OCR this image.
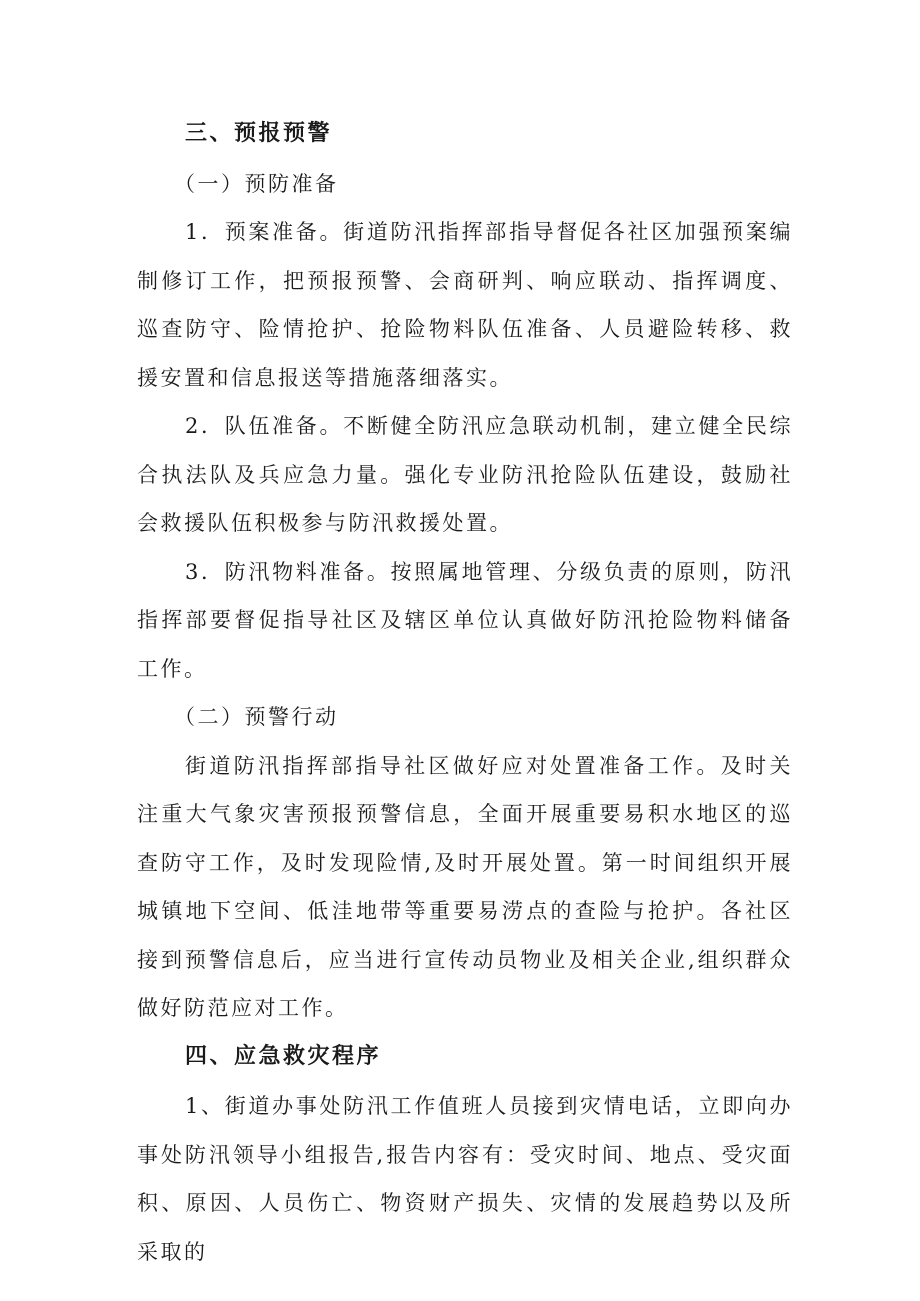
三、预报预警

（一）预防准备

1．预案准备。街道防汛指挥部指导督促各社区加强预案编制修订工作，把预报预警、会商研判、响应联动、指挥调度、巡查防守、险情抢护、抢险物料队伍准备、人员避险转移、救援安置和信息报送等措施落细落实。

2．队伍准备。不断健全防汛应急联动机制，建立健全民综合执法队及兵应急力量。强化专业防汛抢险队伍建设，鼓励社会救援队伍积极参与防汛救援处置。

3．防汛物料准备。按照属地管理、分级负责的原则，防汛指挥部要督促指导社区及辖区单位认真做好防汛抢险物料储备工作。

（二）预警行动

街道防汛指挥部指导社区做好应对处置准备工作。及时关注重大气象灾害预报预警信息，全面开展重要易积水地区的巡查防守工作，及时发现险情,及时开展处置。第一时间组织开展城镇地下空间、低洼地带等重要易涝点的查险与抢护。各社区接到预警信息后，应当进行宣传动员物业及相关企业,组织群众做好防范应对工作。

四、应急救灾程序

1、街道办事处防汛工作值班人员接到灾情电话，立即向办事处防汛领导小组报告,报告内容有：受灾时间、地点、受灾面积、原因、人员伤亡、物资财产损失、灾情的发展趋势以及所采取的
